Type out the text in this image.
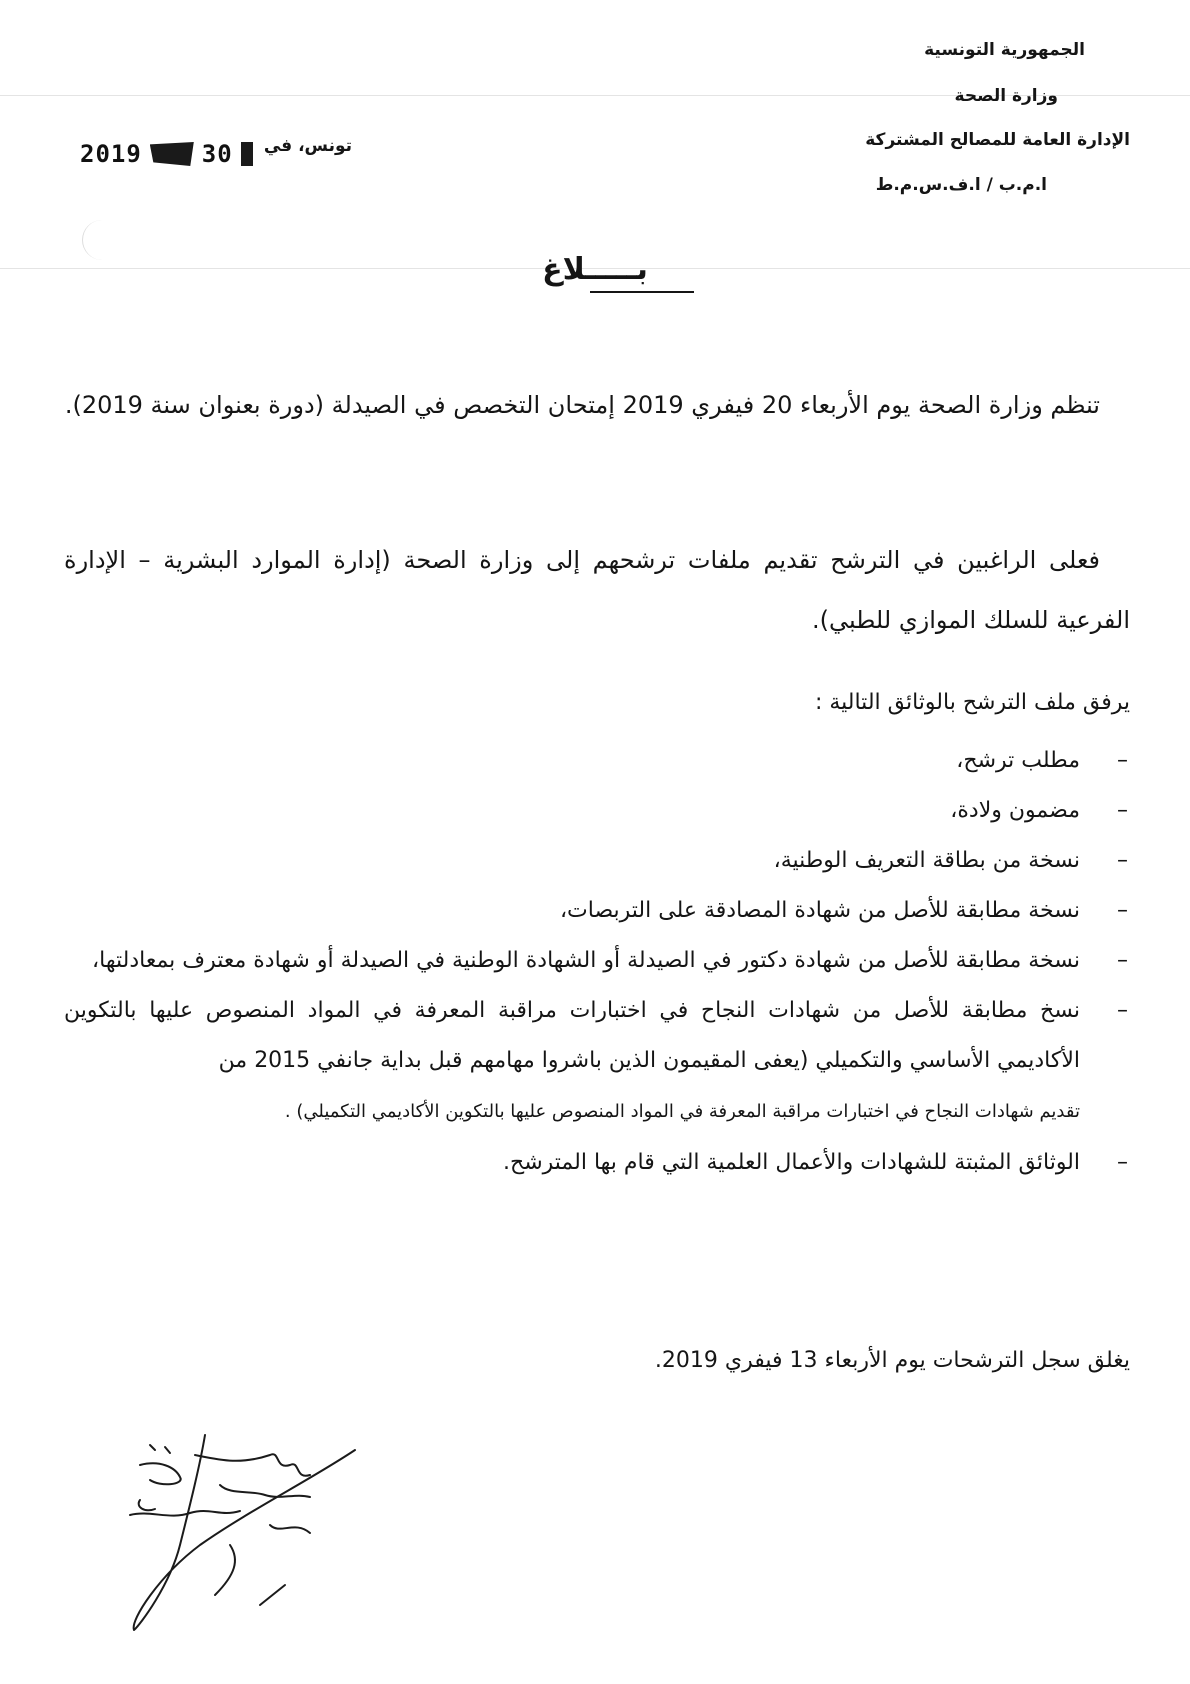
الجمهورية التونسية
وزارة الصحة
الإدارة العامة للمصالح المشتركة
ا.م.ب / ا.ف.س.م.ط
تونس، في
2019	30
بـــــلاغ
تنظم وزارة الصحة يوم الأربعاء 20 فيفري 2019 إمتحان التخصص في الصيدلة (دورة بعنوان سنة 2019).
فعلى الراغبين في الترشح تقديم ملفات ترشحهم إلى وزارة الصحة (إدارة الموارد البشرية – الإدارة الفرعية للسلك الموازي للطبي).
يرفق ملف الترشح بالوثائق التالية :
–
مطلب ترشح،
–
مضمون ولادة،
–
نسخة من بطاقة التعريف الوطنية،
–
نسخة مطابقة للأصل من شهادة المصادقة على التربصات،
–
نسخة مطابقة للأصل من شهادة دكتور في الصيدلة أو الشهادة الوطنية في الصيدلة أو شهادة معترف بمعادلتها،
–
نسخ مطابقة للأصل من شهادات النجاح في اختبارات مراقبة المعرفة في المواد المنصوص عليها بالتكوين الأكاديمي الأساسي والتكميلي (يعفى المقيمون الذين باشروا مهامهم قبل بداية جانفي 2015 من
تقديم شهادات النجاح في اختبارات مراقبة المعرفة في المواد المنصوص عليها بالتكوين الأكاديمي التكميلي) .
–
الوثائق المثبتة للشهادات والأعمال العلمية التي قام بها المترشح.
يغلق سجل الترشحات يوم الأربعاء 13 فيفري 2019.
